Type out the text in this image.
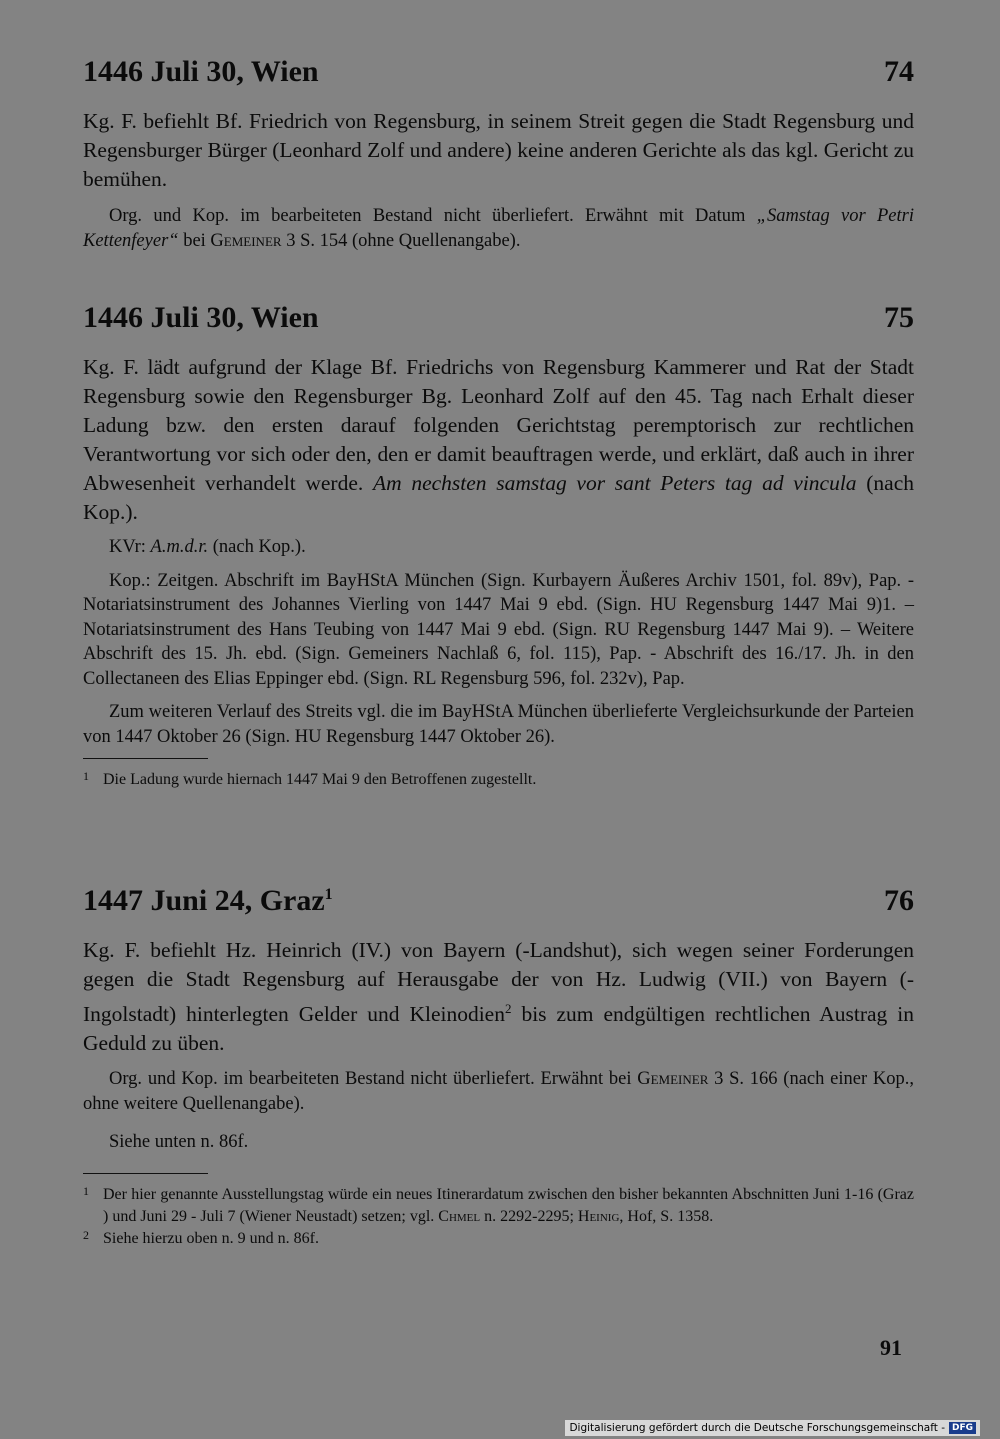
1446 Juli 30, Wien	74

Kg. F. befiehlt Bf. Friedrich von Regensburg, in seinem Streit gegen die Stadt Regensburg und Regensburger Bürger (Leonhard Zolf und andere) keine anderen Gerichte als das kgl. Gericht zu bemühen.

Org. und Kop. im bearbeiteten Bestand nicht überliefert. Erwähnt mit Datum „Samstag vor Petri Kettenfeyer“ bei Gemeiner 3 S. 154 (ohne Quellenangabe).

1446 Juli 30, Wien	75

Kg. F. lädt aufgrund der Klage Bf. Friedrichs von Regensburg Kammerer und Rat der Stadt Regensburg sowie den Regensburger Bg. Leonhard Zolf auf den 45. Tag nach Erhalt dieser Ladung bzw. den ersten darauf folgenden Gerichtstag peremptorisch zur rechtlichen Verantwortung vor sich oder den, den er damit beauftragen werde, und erklärt, daß auch in ihrer Abwesenheit verhandelt werde. Am nechsten samstag vor sant Peters tag ad vincula (nach Kop.).

KVr: A.m.d.r. (nach Kop.).

Kop.: Zeitgen. Abschrift im BayHStA München (Sign. Kurbayern Äußeres Archiv 1501, fol. 89v), Pap. - Notariatsinstrument des Johannes Vierling von 1447 Mai 9 ebd. (Sign. HU Regensburg 1447 Mai 9)1. – Notariatsinstrument des Hans Teubing von 1447 Mai 9 ebd. (Sign. RU Regensburg 1447 Mai 9). – Weitere Abschrift des 15. Jh. ebd. (Sign. Gemeiners Nachlaß 6, fol. 115), Pap. - Abschrift des 16./17. Jh. in den Collectaneen des Elias Eppinger ebd. (Sign. RL Regensburg 596, fol. 232v), Pap.

Zum weiteren Verlauf des Streits vgl. die im BayHStA München überlieferte Vergleichsurkunde der Parteien von 1447 Oktober 26 (Sign. HU Regensburg 1447 Oktober 26).

1 Die Ladung wurde hiernach 1447 Mai 9 den Betroffenen zugestellt.
1447 Juni 24, Graz$^1$	76

Kg. F. befiehlt Hz. Heinrich (IV.) von Bayern (-Landshut), sich wegen seiner Forderungen gegen die Stadt Regensburg auf Herausgabe der von Hz. Ludwig (VII.) von Bayern (-Ingolstadt) hinterlegten Gelder und Kleinodien$^2$ bis zum endgültigen rechtlichen Austrag in Geduld zu üben.

Org. und Kop. im bearbeiteten Bestand nicht überliefert. Erwähnt bei Gemeiner 3 S. 166 (nach einer Kop., ohne weitere Quellenangabe).

Siehe unten n. 86f.

1 Der hier genannte Ausstellungstag würde ein neues Itinerardatum zwischen den bisher bekannten Abschnitten Juni 1-16 (Graz ) und Juni 29 - Juli 7 (Wiener Neustadt) setzen; vgl. Chmel n. 2292-2295; Heinig, Hof, S. 1358.
2 Siehe hierzu oben n. 9 und n. 86f.
91
Digitalisierung gefördert durch die Deutsche Forschungsgemeinschaft - DFG
